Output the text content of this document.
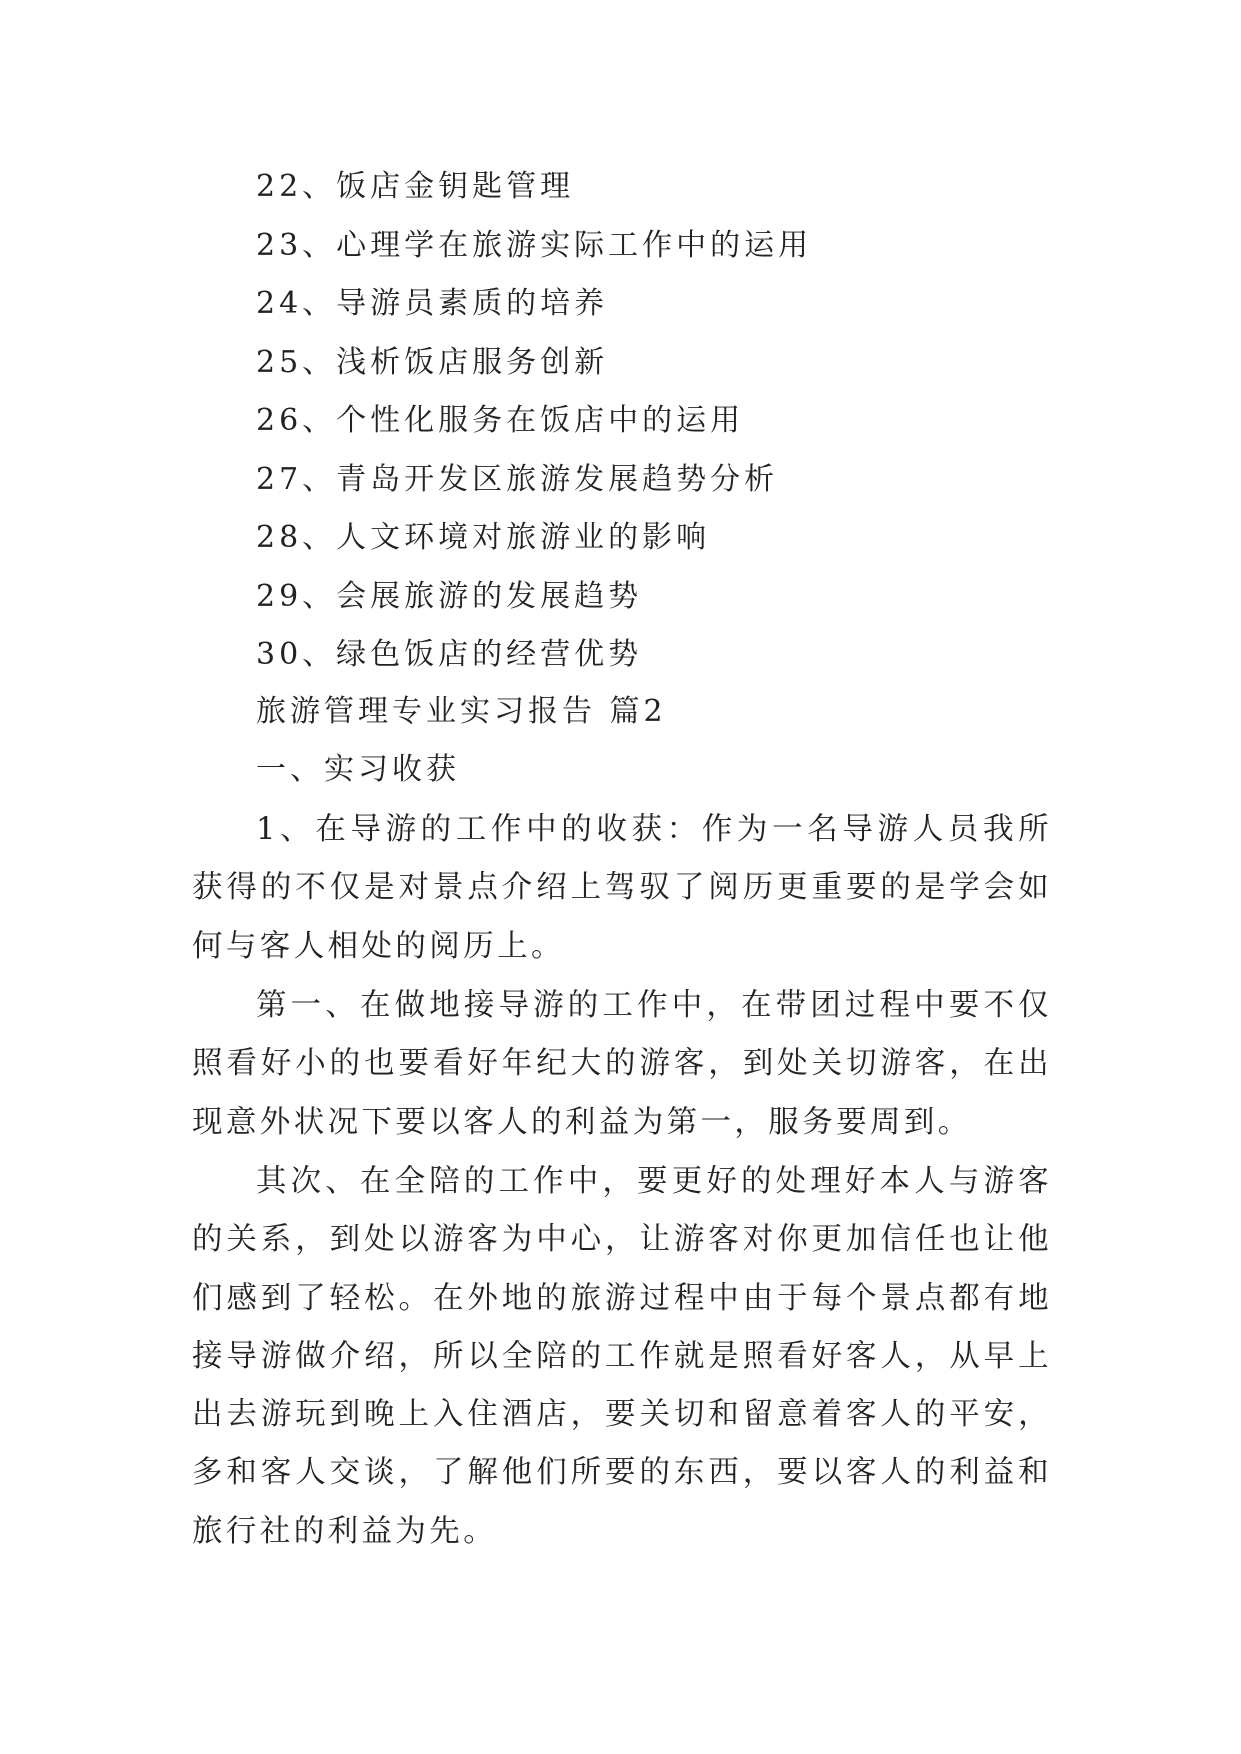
22、饭店金钥匙管理
23、心理学在旅游实际工作中的运用
24、导游员素质的培养
25、浅析饭店服务创新
26、个性化服务在饭店中的运用
27、青岛开发区旅游发展趋势分析
28、人文环境对旅游业的影响
29、会展旅游的发展趋势
30、绿色饭店的经营优势
旅游管理专业实习报告 篇2
一、实习收获

1、在导游的工作中的收获：作为一名导游人员我所获得的不仅是对景点介绍上驾驭了阅历更重要的是学会如何与客人相处的阅历上。

第一、在做地接导游的工作中，在带团过程中要不仅照看好小的也要看好年纪大的游客，到处关切游客，在出现意外状况下要以客人的利益为第一，服务要周到。

其次、在全陪的工作中，要更好的处理好本人与游客的关系，到处以游客为中心，让游客对你更加信任也让他们感到了轻松。在外地的旅游过程中由于每个景点都有地接导游做介绍，所以全陪的工作就是照看好客人，从早上出去游玩到晚上入住酒店，要关切和留意着客人的平安，多和客人交谈，了解他们所要的东西，要以客人的利益和旅行社的利益为先。
